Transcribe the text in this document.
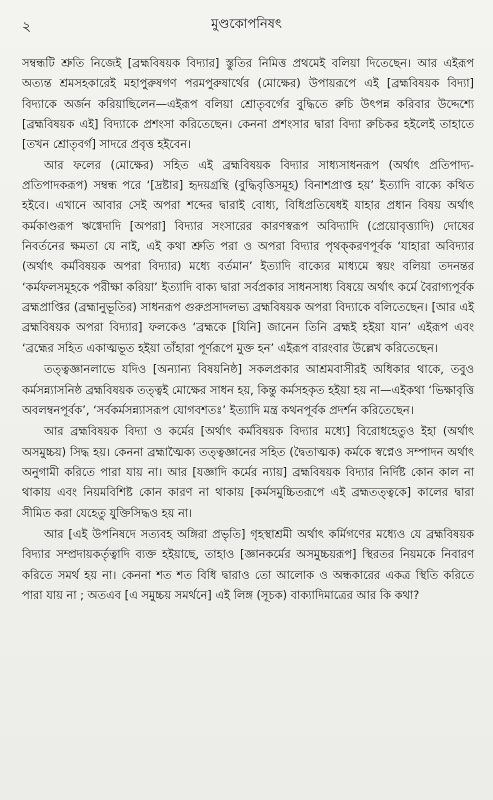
২	মুণ্ডকোপনিষৎ

সম্বন্ধটি শ্রুতি নিজেই [ব্রহ্মবিষয়ক বিদ্যার] স্তুতির নিমিত্ত প্রথমেই বলিয়া দিতেছেন। আর এইরূপ অত্যন্ত শ্রমসহকারেই মহাপুরুষগণ পরমপুরুষার্থের (মোক্ষের) উপায়রূপে এই [ব্রহ্মবিষয়ক বিদ্যা] বিদ্যাকে অর্জন করিয়াছিলেন—এইরূপ বলিয়া শ্রোতৃবর্গের বুদ্ধিতে রুচি উৎপন্ন করিবার উদ্দেশ্যে [ব্রহ্মবিষয়ক এই] বিদ্যাকে প্রশংসা করিতেছেন। কেননা প্রশংসার দ্বারা বিদ্যা রুচিকর হইলেই তাহাতে [তখন শ্রোতৃবর্গ] সাদরে প্রবৃত্ত হইবেন।

আর ফলের (মোক্ষের) সহিত এই ব্রহ্মবিষয়ক বিদ্যার সাধ্যসাধনরূপ (অর্থাৎ প্রতিপাদ্য-প্রতিপাদকরূপ) সম্বন্ধ পরে ‘[দ্রষ্টার] হৃদয়গ্রন্থি (বুদ্ধিবৃত্তিসমূহ) বিনাশপ্রাপ্ত হয়’ ইত্যাদি বাক্যে কথিত হইবে। এখানে আবার সেই অপরা শব্দের দ্বারাই বোধ্য, বিধিপ্রতিষেধই যাহার প্রধান বিষয় অর্থাৎ কর্মকাণ্ডরূপ ঋগ্বেদাদি [অপরা] বিদ্যার সংসারের কারণস্বরূপ অবিদ্যাদি (প্রেয়োবৃত্ত্যাদি) দোষের নিবর্তনের ক্ষমতা যে নাই, এই কথা শ্রুতি পরা ও অপরা বিদ্যার পৃথক্‌করণপূর্বক ‘যাহারা অবিদ্যার (অর্থাৎ কর্মবিষয়ক অপরা বিদ্যার) মধ্যে বর্তমান’ ইত্যাদি বাক্যের মাধ্যমে স্বয়ং বলিয়া তদনন্তর ‘কর্মফলসমূহকে পরীক্ষা করিয়া’ ইত্যাদি বাক্য দ্বারা সর্বপ্রকার সাধনসাধ্য বিষয়ে অর্থাৎ কর্মে বৈরাগ্যপূর্বক ব্রহ্মপ্রাপ্তির (ব্রহ্মানুভূতির) সাধনরূপ গুরুপ্রসাদলভ্য ব্রহ্মবিষয়ক অপরা বিদ্যাকে বলিতেছেন। [আর এই ব্রহ্মবিষয়ক অপরা বিদ্যার] ফলকেও ‘ব্রহ্মকে [যিনি] জানেন তিনি ব্রহ্মই হইয়া যান’ এইরূপ এবং ‘ব্রহ্মের সহিত একাত্মভূত হইয়া তাঁহারা পূর্ণরূপে মুক্ত হন’ এইরূপ বারংবার উল্লেখ করিতেছেন।

তত্ত্বজ্ঞানলাভে যদিও [অন্যান্য বিষয়নিষ্ঠ] সকলপ্রকার আশ্রমবাসীরই অধিকার থাকে, তবুও কর্মসন্ন্যাসনিষ্ঠ ব্রহ্মবিষয়ক তত্ত্বই মোক্ষের সাধন হয়, কিন্তু কর্মসহকৃত হইয়া হয় না—এইকথা ‘ভিক্ষাবৃত্তি অবলম্বনপূর্বক’, ‘সর্বকর্মসন্ন্যাসরূপ যোগবশতঃ’ ইত্যাদি মন্ত্র কথনপূর্বক প্রদর্শন করিতেছেন।

আর ব্রহ্মবিষয়ক বিদ্যা ও কর্মের [অর্থাৎ কর্মবিষয়ক বিদ্যার মধ্যে] বিরোধহেতুও ইহা (অর্থাৎ অসমুচ্চয়) সিদ্ধ হয়। কেননা ব্রহ্মাত্মৈক্য তত্ত্বজ্ঞানের সহিত (দ্বৈতাত্মক) কর্মকে স্বপ্নেও সম্পাদন অর্থাৎ অনুগামী করিতে পারা যায় না। আর [যজ্ঞাদি কর্মের ন্যায়] ব্রহ্মবিষয়ক বিদ্যার নির্দিষ্ট কোন কাল না থাকায় এবং নিয়মবিশিষ্ট কোন কারণ না থাকায় [কর্মসমুচ্চিতরূপে এই ব্রহ্মতত্ত্বকে] কালের দ্বারা সীমিত করা যেহেতু যুক্তিসিদ্ধও হয় না।

আর [এই উপনিষদে সত্যবহ অঙ্গিরা প্রভৃতি] গৃহস্থাশ্রমী অর্থাৎ কর্মিগণের মধ্যেও যে ব্রহ্মবিষয়ক বিদ্যার সম্প্রদায়কর্তৃত্বাদি ব্যক্ত হইয়াছে, তাহাও [জ্ঞানকর্মের অসমুচ্চয়রূপ] স্থিরতর নিয়মকে নিবারণ করিতে সমর্থ হয় না। কেননা শত শত বিধি দ্বারাও তো আলোক ও অন্ধকারের একত্র স্থিতি করিতে পারা যায় না ; অতএব [এ সমুচ্চয় সমর্থনে] এই লিঙ্গ (সূচক) বাক্যাদিমাত্রের আর কি কথা?
